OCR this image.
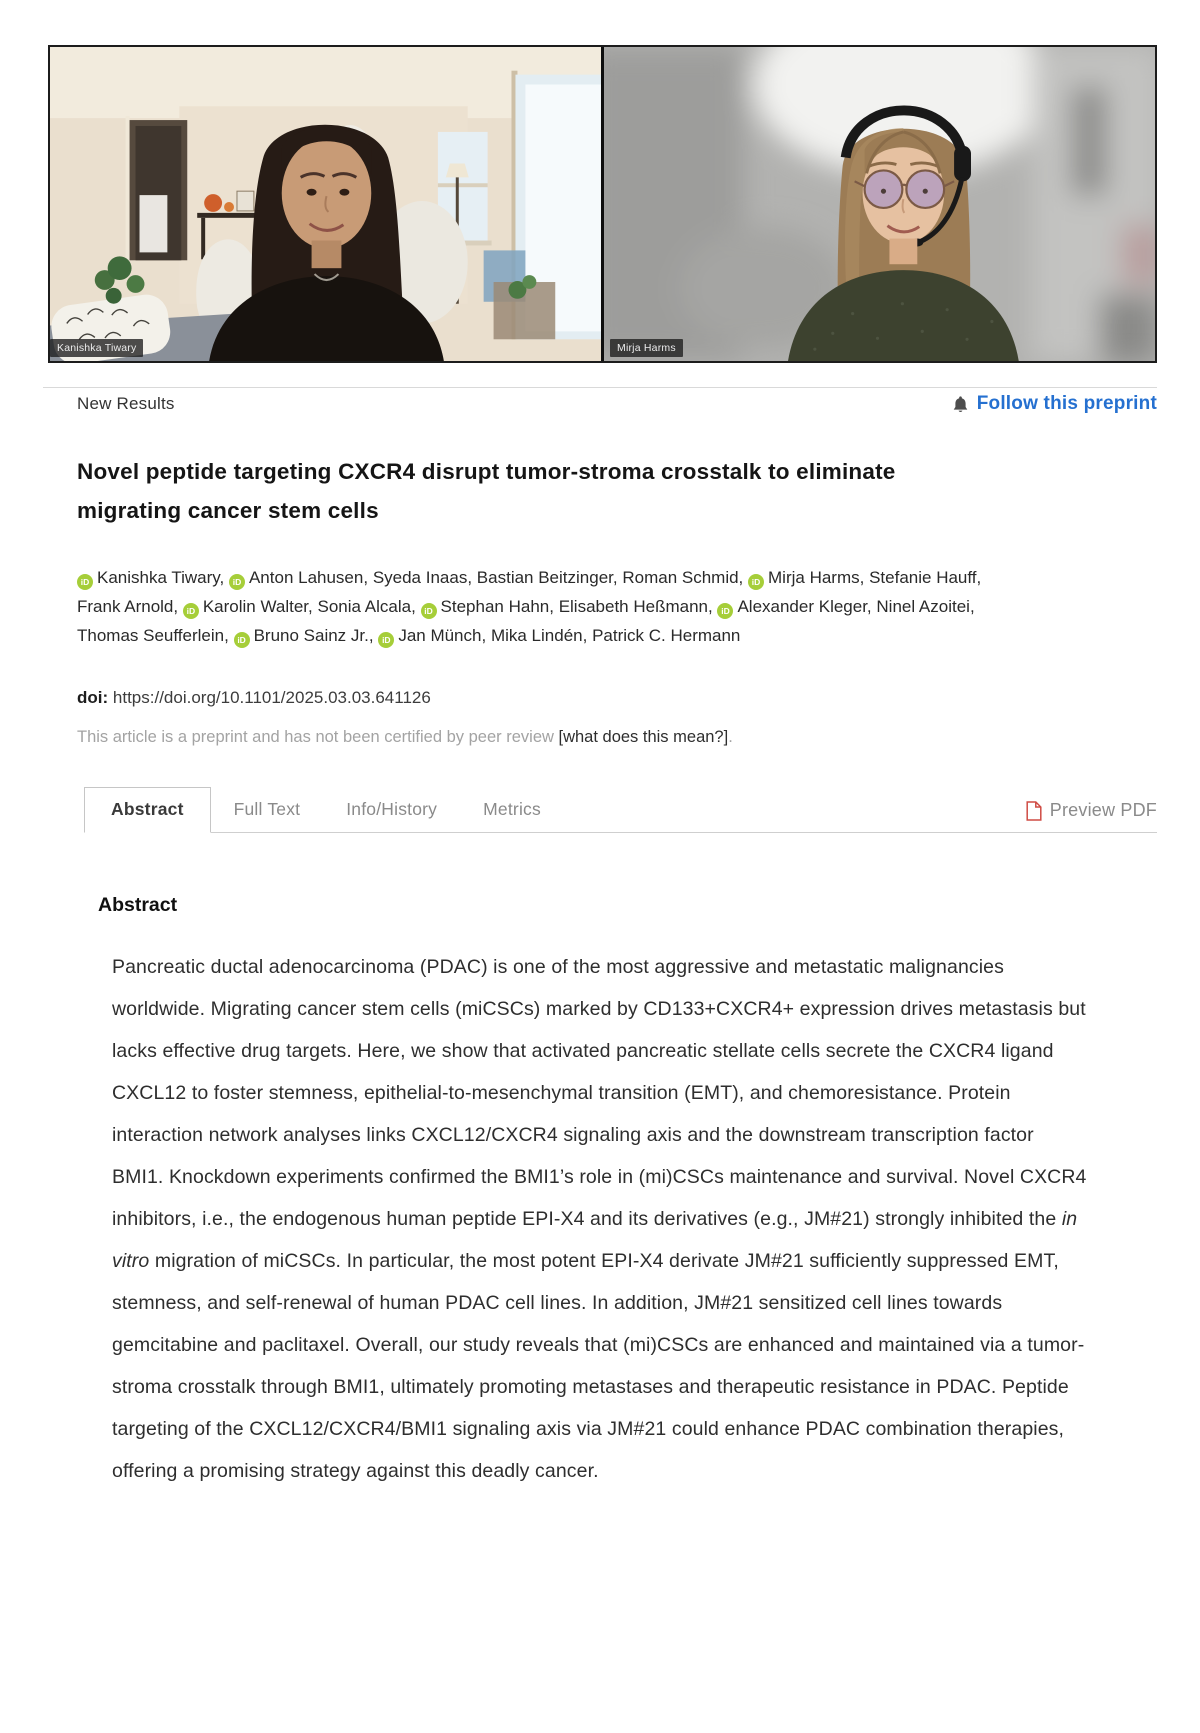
Kanishka Tiwary	Mirja Harms
New Results	Follow this preprint
Novel peptide targeting CXCR4 disrupt tumor-stroma crosstalk to eliminate migrating cancer stem cells
iD Kanishka Tiwary, iD Anton Lahusen, Syeda Inaas, Bastian Beitzinger, Roman Schmid, iD Mirja Harms, Stefanie Hauff, Frank Arnold, iD Karolin Walter, Sonia Alcala, iD Stephan Hahn, Elisabeth Heßmann, iD Alexander Kleger, Ninel Azoitei, Thomas Seufferlein, iD Bruno Sainz Jr., iD Jan Münch, Mika Lindén, Patrick C. Hermann
doi: https://doi.org/10.1101/2025.03.03.641126
This article is a preprint and has not been certified by peer review [what does this mean?].
Abstract	Full Text	Info/History	Metrics	Preview PDF
Abstract

Pancreatic ductal adenocarcinoma (PDAC) is one of the most aggressive and metastatic malignancies worldwide. Migrating cancer stem cells (miCSCs) marked by CD133+CXCR4+ expression drives metastasis but lacks effective drug targets. Here, we show that activated pancreatic stellate cells secrete the CXCR4 ligand CXCL12 to foster stemness, epithelial-to-mesenchymal transition (EMT), and chemoresistance. Protein interaction network analyses links CXCL12/CXCR4 signaling axis and the downstream transcription factor BMI1. Knockdown experiments confirmed the BMI1’s role in (mi)CSCs maintenance and survival. Novel CXCR4 inhibitors, i.e., the endogenous human peptide EPI-X4 and its derivatives (e.g., JM#21) strongly inhibited the in vitro migration of miCSCs. In particular, the most potent EPI-X4 derivate JM#21 sufficiently suppressed EMT, stemness, and self-renewal of human PDAC cell lines. In addition, JM#21 sensitized cell lines towards gemcitabine and paclitaxel. Overall, our study reveals that (mi)CSCs are enhanced and maintained via a tumor-stroma crosstalk through BMI1, ultimately promoting metastases and therapeutic resistance in PDAC. Peptide targeting of the CXCL12/CXCR4/BMI1 signaling axis via JM#21 could enhance PDAC combination therapies, offering a promising strategy against this deadly cancer.
